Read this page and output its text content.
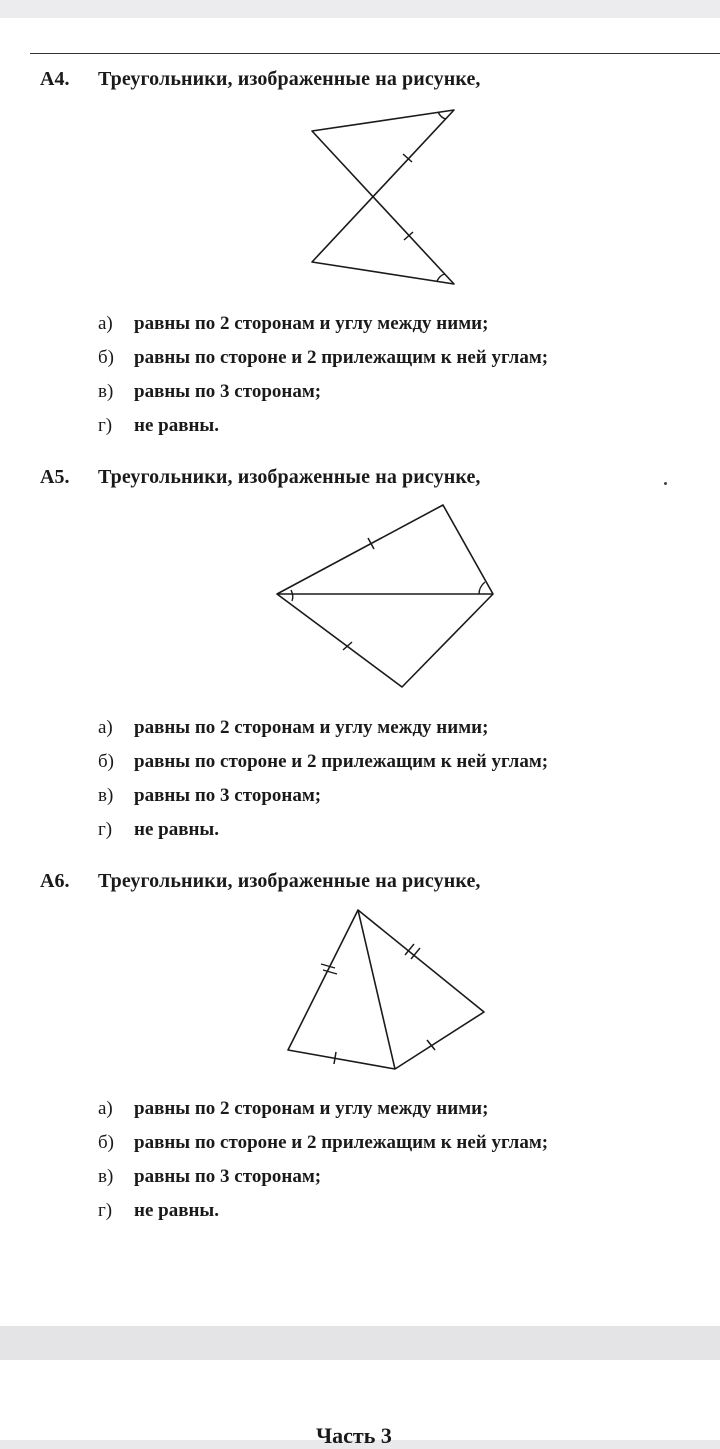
A4. Треугольники, изображенные на рисунке,
а) равны по 2 сторонам и углу между ними;
б) равны по стороне и 2 прилежащим к ней углам;
в) равны по 3 сторонам;
г) не равны.
A5. Треугольники, изображенные на рисунке,
а) равны по 2 сторонам и углу между ними;
б) равны по стороне и 2 прилежащим к ней углам;
в) равны по 3 сторонам;
г) не равны.
A6. Треугольники, изображенные на рисунке,
а) равны по 2 сторонам и углу между ними;
б) равны по стороне и 2 прилежащим к ней углам;
в) равны по 3 сторонам;
г) не равны.
Часть 3
